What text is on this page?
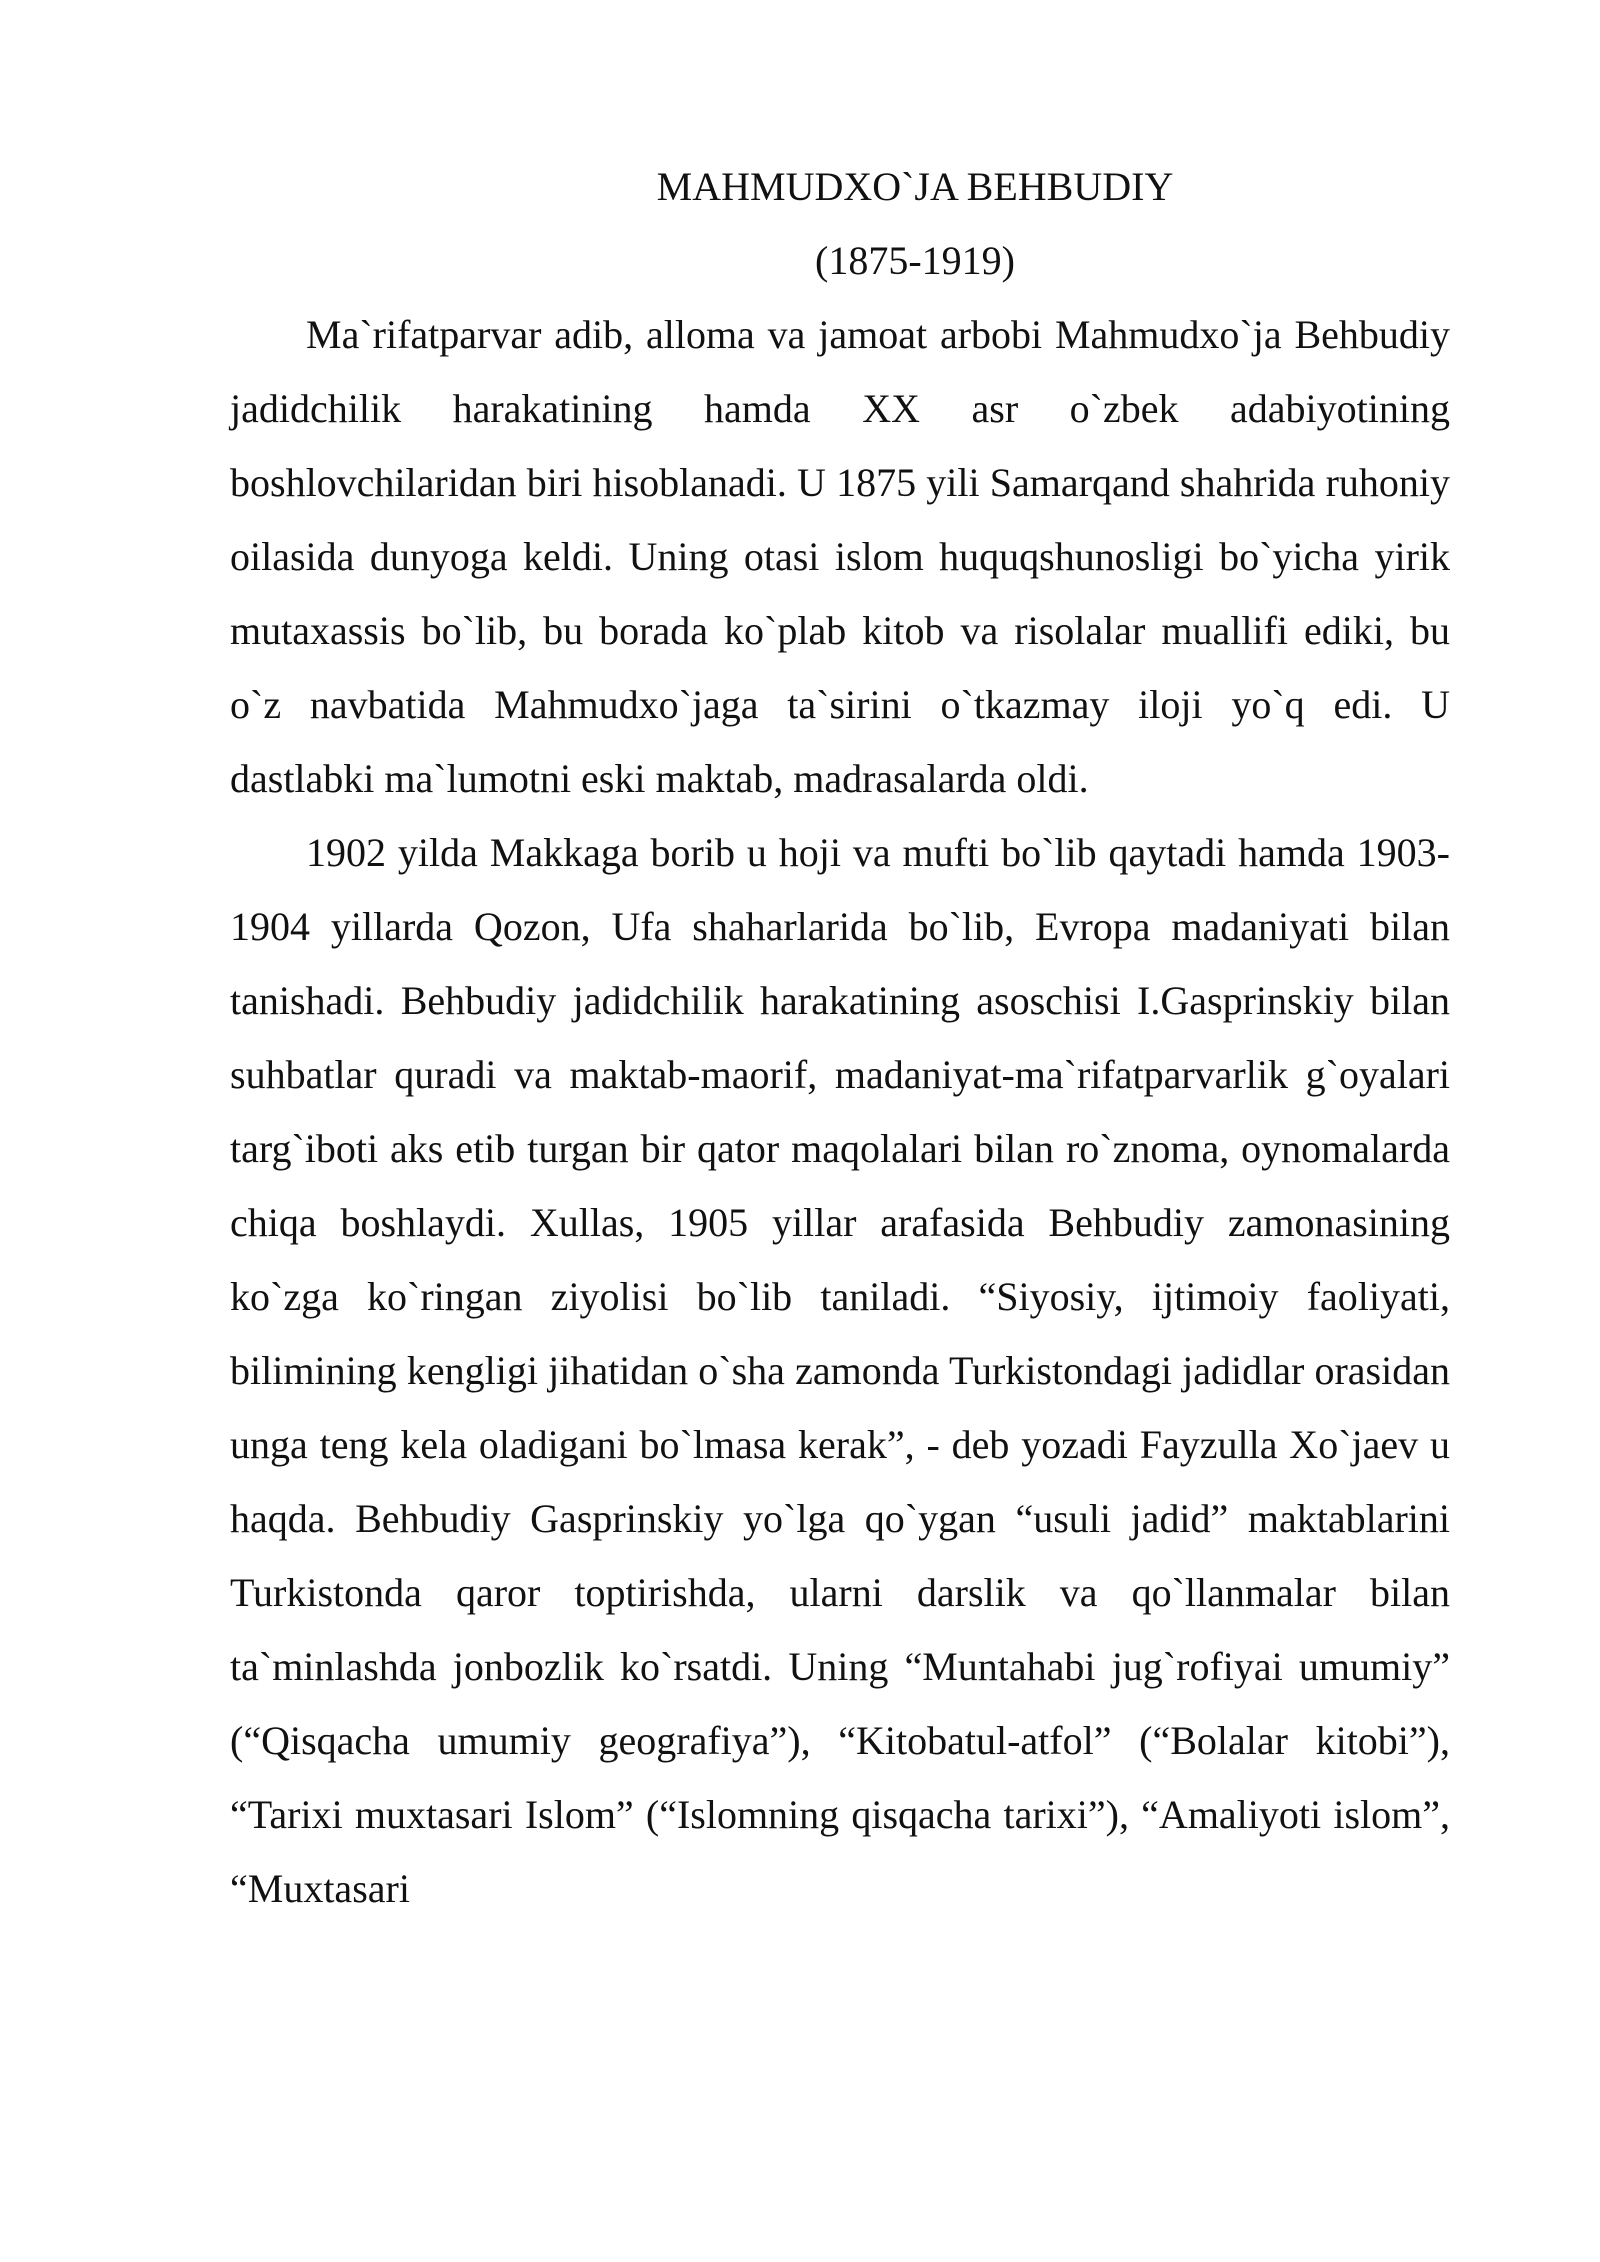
MAHMUDXO`JA BEHBUDIY
(1875-1919)

Ma`rifatparvar adib, alloma va jamoat arbobi Mahmudxo`ja Behbudiy jadidchilik harakatining hamda XX asr o`zbek adabiyotining boshlovchilaridan biri hisoblanadi. U 1875 yili Samarqand shahrida ruhoniy oilasida dunyoga keldi. Uning otasi islom huquqshunosligi bo`yicha yirik mutaxassis bo`lib, bu borada ko`plab kitob va risolalar muallifi ediki, bu o`z navbatida Mahmudxo`jaga ta`sirini o`tkazmay iloji yo`q edi. U dastlabki ma`lumotni eski maktab, madrasalarda oldi.

1902 yilda Makkaga borib u hoji va mufti bo`lib qaytadi hamda 1903-1904 yillarda Qozon, Ufa shaharlarida bo`lib, Evropa madaniyati bilan tanishadi. Behbudiy jadidchilik harakatining asoschisi I.Gasprinskiy bilan suhbatlar quradi va maktab-maorif, madaniyat-ma`rifatparvarlik g`oyalari targ`iboti aks etib turgan bir qator maqolalari bilan ro`znoma, oynomalarda chiqa boshlaydi. Xullas, 1905 yillar arafasida Behbudiy zamonasining ko`zga ko`ringan ziyolisi bo`lib taniladi. “Siyosiy, ijtimoiy faoliyati, bilimining kengligi jihatidan o`sha zamonda Turkistondagi jadidlar orasidan unga teng kela oladigani bo`lmasa kerak”, - deb yozadi Fayzulla Xo`jaev u haqda. Behbudiy Gasprinskiy yo`lga qo`ygan “usuli jadid” maktablarini Turkistonda qaror toptirishda, ularni darslik va qo`llanmalar bilan ta`minlashda jonbozlik ko`rsatdi. Uning “Muntahabi jug`rofiyai umumiy” (“Qisqacha umumiy geografiya”), “Kitobatul-atfol” (“Bolalar kitobi”), “Tarixi muxtasari Islom” (“Islomning qisqacha tarixi”), “Amaliyoti islom”, “Muxtasari
